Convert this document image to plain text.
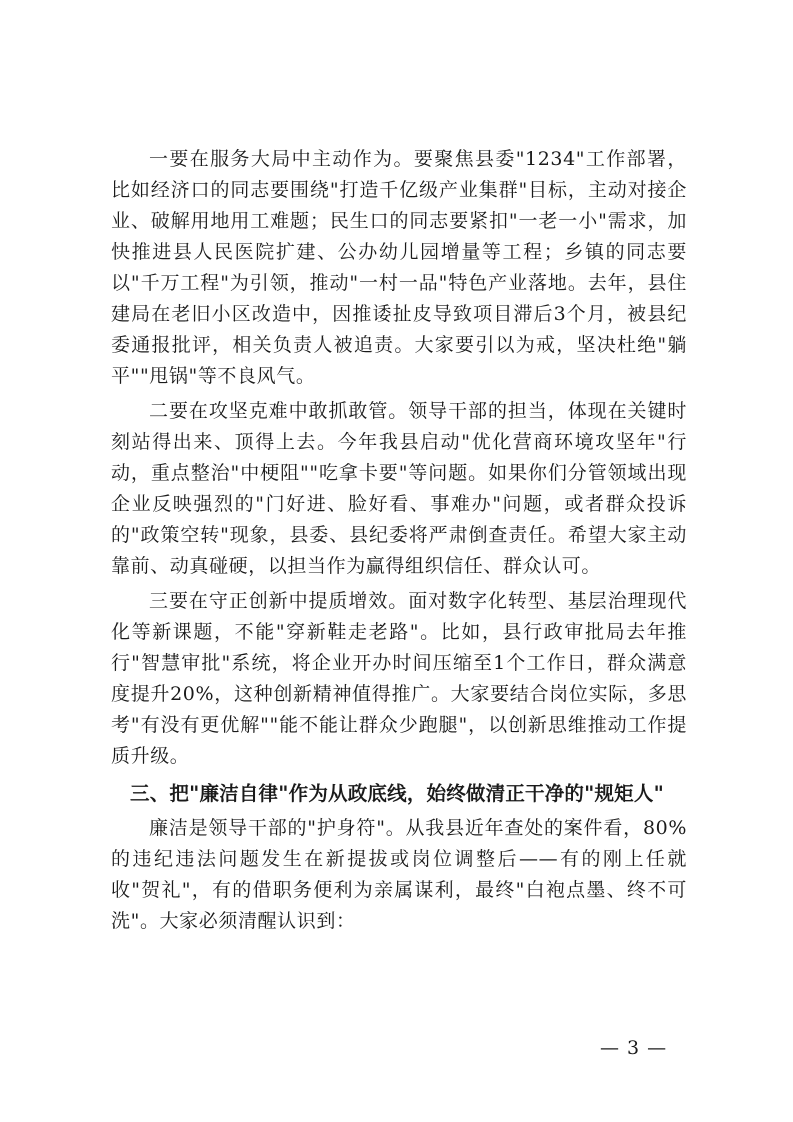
一要在服务大局中主动作为。要聚焦县委"1234"工作部署，比如经济口的同志要围绕"打造千亿级产业集群"目标，主动对接企业、破解用地用工难题；民生口的同志要紧扣"一老一小"需求，加快推进县人民医院扩建、公办幼儿园增量等工程；乡镇的同志要以"千万工程"为引领，推动"一村一品"特色产业落地。去年，县住建局在老旧小区改造中，因推诿扯皮导致项目滞后3个月，被县纪委通报批评，相关负责人被追责。大家要引以为戒，坚决杜绝"躺平""甩锅"等不良风气。

二要在攻坚克难中敢抓敢管。领导干部的担当，体现在关键时刻站得出来、顶得上去。今年我县启动"优化营商环境攻坚年"行动，重点整治"中梗阻""吃拿卡要"等问题。如果你们分管领域出现企业反映强烈的"门好进、脸好看、事难办"问题，或者群众投诉的"政策空转"现象，县委、县纪委将严肃倒查责任。希望大家主动靠前、动真碰硬，以担当作为赢得组织信任、群众认可。

三要在守正创新中提质增效。面对数字化转型、基层治理现代化等新课题，不能"穿新鞋走老路"。比如，县行政审批局去年推行"智慧审批"系统，将企业开办时间压缩至1个工作日，群众满意度提升20%，这种创新精神值得推广。大家要结合岗位实际，多思考"有没有更优解""能不能让群众少跑腿"，以创新思维推动工作提质升级。

三、把"廉洁自律"作为从政底线，始终做清正干净的"规矩人"

廉洁是领导干部的"护身符"。从我县近年查处的案件看，80%的违纪违法问题发生在新提拔或岗位调整后——有的刚上任就收"贺礼"，有的借职务便利为亲属谋利，最终"白袍点墨、终不可洗"。大家必须清醒认识到：

— 3 —
